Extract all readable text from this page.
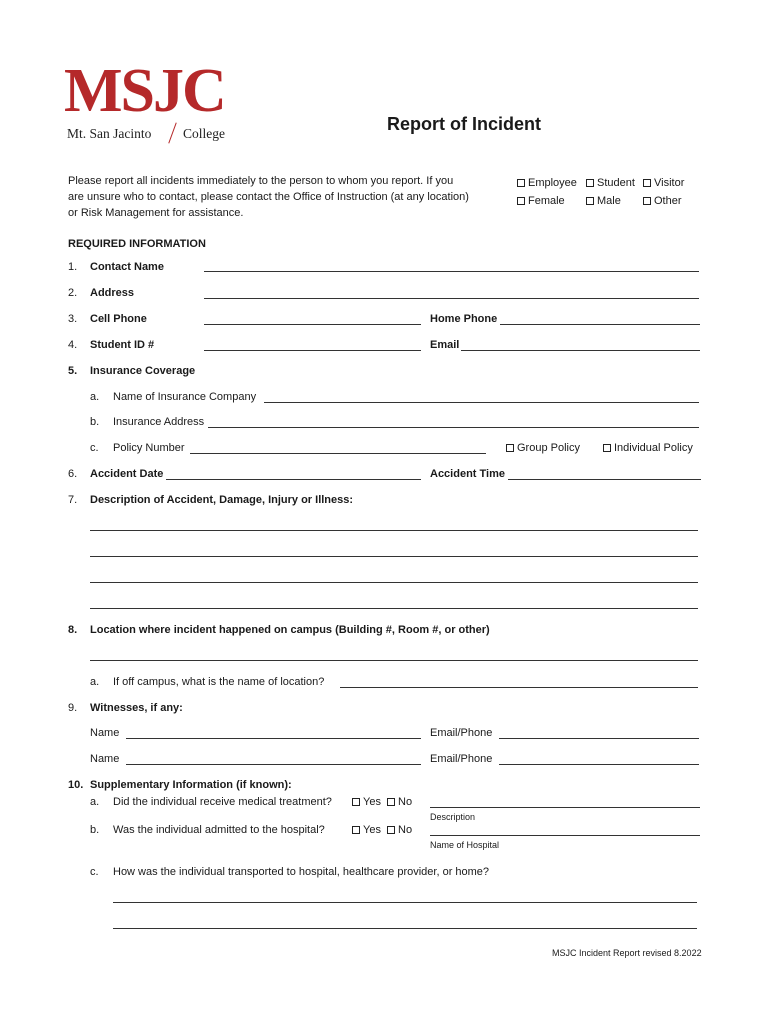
MSJC
Mt. San Jacinto College	Report of Incident
Please report all incidents immediately to the person to whom you report. If you
are unsure who to contact, please contact the Office of Instruction (at any location)
or Risk Management for assistance.
Employee	Student	Visitor
Female	Male	Other
REQUIRED INFORMATION
1. Contact Name
2. Address
3. Cell Phone	Home Phone
4. Student ID #	Email
5. Insurance Coverage
a. Name of Insurance Company
b. Insurance Address
c. Policy Number	Group Policy	Individual Policy
6. Accident Date	Accident Time
7. Description of Accident, Damage, Injury or Illness:
8. Location where incident happened on campus (Building #, Room #, or other)
a. If off campus, what is the name of location?
9. Witnesses, if any:
Name	Email/Phone
Name	Email/Phone
10. Supplementary Information (if known):
a. Did the individual receive medical treatment?	Yes	No
Description
b. Was the individual admitted to the hospital?	Yes	No
Name of Hospital
c. How was the individual transported to hospital, healthcare provider, or home?
MSJC Incident Report revised 8.2022
